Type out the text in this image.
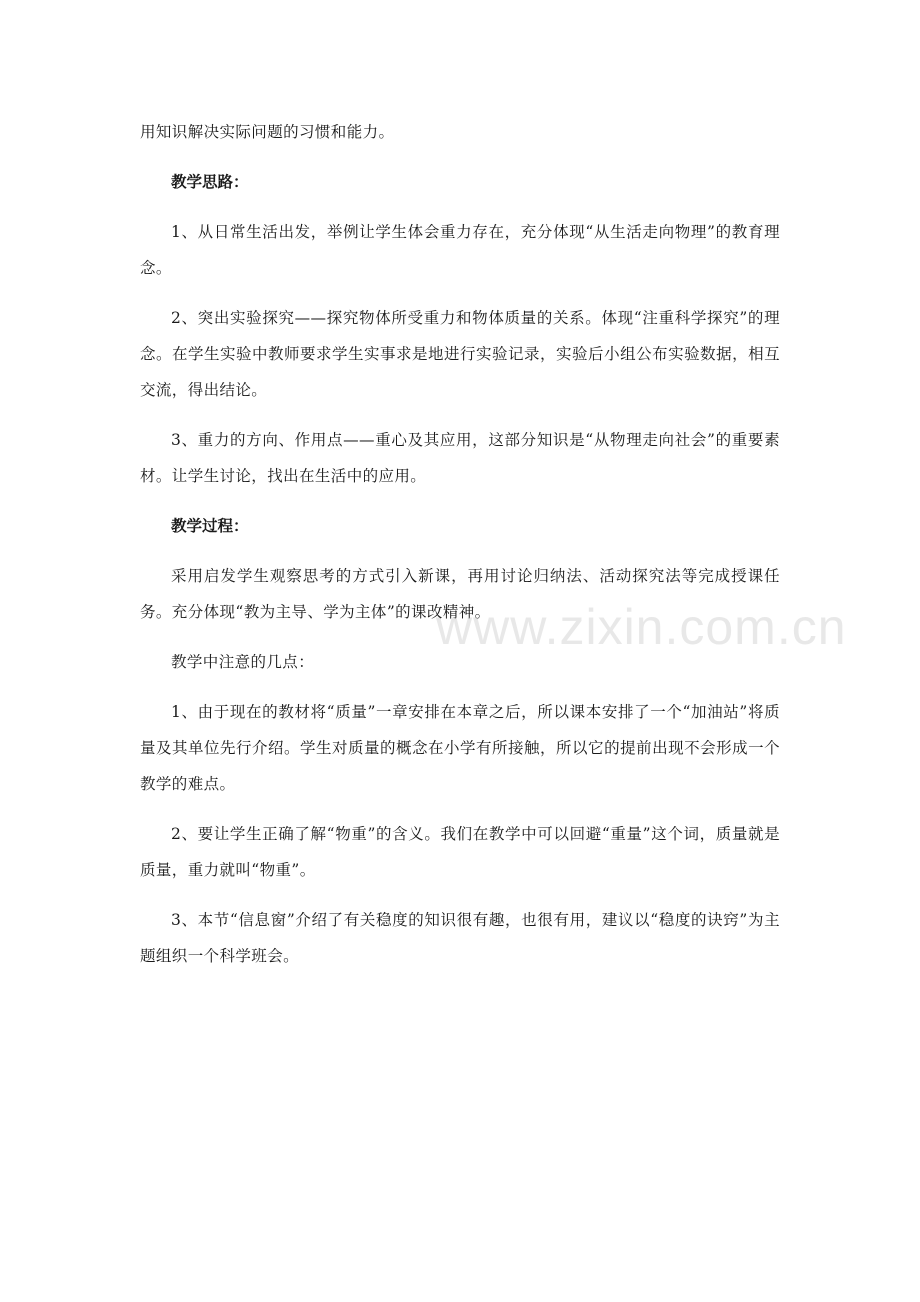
用知识解决实际问题的习惯和能力。

教学思路：

1、从日常生活出发，举例让学生体会重力存在，充分体现“从生活走向物理”的教育理念。

2、突出实验探究——探究物体所受重力和物体质量的关系。体现“注重科学探究”的理念。在学生实验中教师要求学生实事求是地进行实验记录，实验后小组公布实验数据，相互交流，得出结论。

3、重力的方向、作用点——重心及其应用，这部分知识是“从物理走向社会”的重要素材。让学生讨论，找出在生活中的应用。

教学过程：

采用启发学生观察思考的方式引入新课，再用讨论归纳法、活动探究法等完成授课任务。充分体现“教为主导、学为主体”的课改精神。

教学中注意的几点：

1、由于现在的教材将“质量”一章安排在本章之后，所以课本安排了一个“加油站”将质量及其单位先行介绍。学生对质量的概念在小学有所接触，所以它的提前出现不会形成一个教学的难点。

2、要让学生正确了解“物重”的含义。我们在教学中可以回避“重量”这个词，质量就是质量，重力就叫“物重”。

3、本节“信息窗”介绍了有关稳度的知识很有趣，也很有用，建议以“稳度的诀窍”为主题组织一个科学班会。

www.zixin.com.cn
